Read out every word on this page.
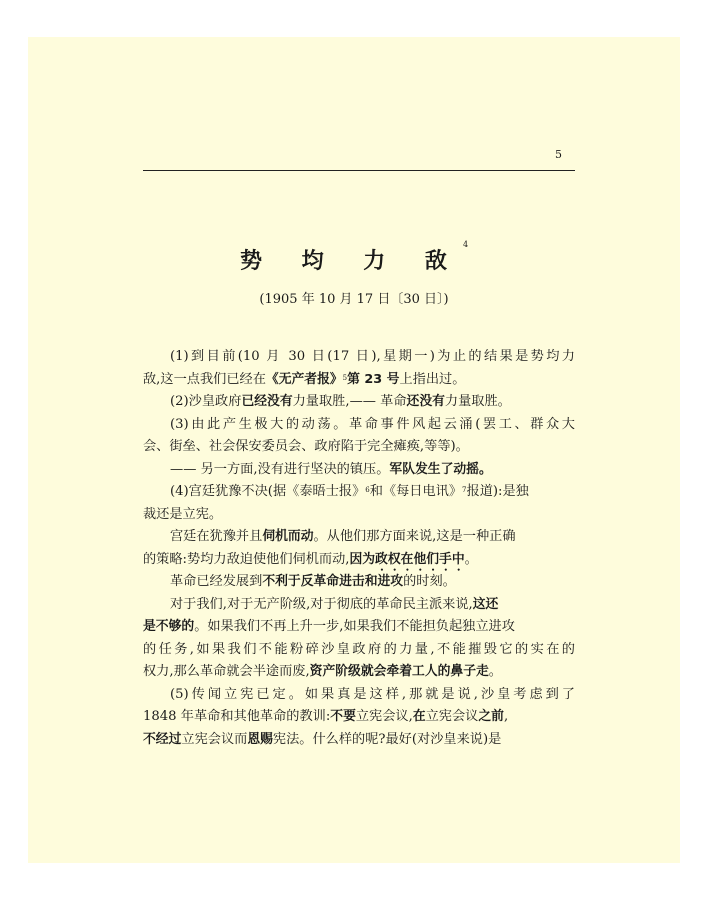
5
势 均 力 敌$^4$
(1905 年 10 月 17 日〔30 日〕)
(1)到目前(10 月 30 日(17 日),星期一)为止的结果是势均力
敌,这一点我们已经在《无产者报》$^5$第 23 号上指出过。
(2)沙皇政府已经没有力量取胜,—— 革命还没有力量取胜。
(3)由此产生极大的动荡。革命事件风起云涌(罢工、群众大
会、街垒、社会保安委员会、政府陷于完全瘫痪,等等)。
—— 另一方面,没有进行坚决的镇压。军队发生了动摇。
(4)宫廷犹豫不决(据《泰晤士报》$^6$和《每日电讯》$^7$报道):是独
裁还是立宪。
宫廷在犹豫并且伺机而动。从他们那方面来说,这是一种正确
的策略:势均力敌迫使他们伺机而动,因为政权在他们手中。
革命已经发展到不利于反革命进击和进攻的时刻。
对于我们,对于无产阶级,对于彻底的革命民主派来说,这还
是不够的。如果我们不再上升一步,如果我们不能担负起独立进攻
的任务,如果我们不能粉碎沙皇政府的力量,不能摧毁它的实在的
权力,那么革命就会半途而废,资产阶级就会牵着工人的鼻子走。
(5)传闻立宪已定。如果真是这样,那就是说,沙皇考虑到了
1848 年革命和其他革命的教训:不要立宪会议,在立宪会议之前,
不经过立宪会议而恩赐宪法。什么样的呢?最好(对沙皇来说)是
